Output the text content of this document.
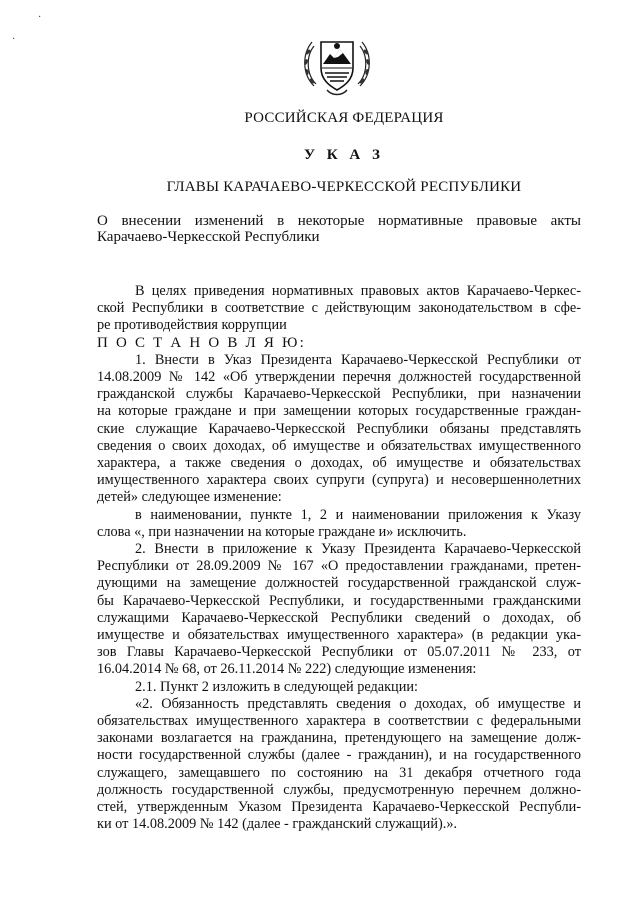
·
·
РОССИЙСКАЯ ФЕДЕРАЦИЯ
У К А З
ГЛАВЫ КАРАЧАЕВО-ЧЕРКЕССКОЙ РЕСПУБЛИКИ
О внесении изменений в некоторые нормативные правовые акты
Карачаево-Черкесской Республики
В целях приведения нормативных правовых актов Карачаево-Черкес-
ской Республики в соответствие с действующим законодательством в сфе-
ре противодействия коррупции
П О С Т А Н О В Л Я Ю:
1. Внести в Указ Президента Карачаево-Черкесской Республики от
14.08.2009 № 142 «Об утверждении перечня должностей государственной
гражданской службы Карачаево-Черкесской Республики, при назначении
на которые граждане и при замещении которых государственные граждан-
ские служащие Карачаево-Черкесской Республики обязаны представлять
сведения о своих доходах, об имуществе и обязательствах имущественного
характера, а также сведения о доходах, об имуществе и обязательствах
имущественного характера своих супруги (супруга) и несовершеннолетних
детей» следующее изменение:
в наименовании, пункте 1, 2 и наименовании приложения к Указу
слова «, при назначении на которые граждане и» исключить.
2. Внести в приложение к Указу Президента Карачаево-Черкесской
Республики от 28.09.2009 № 167 «О предоставлении гражданами, претен-
дующими на замещение должностей государственной гражданской служ-
бы Карачаево-Черкесской Республики, и государственными гражданскими
служащими Карачаево-Черкесской Республики сведений о доходах, об
имуществе и обязательствах имущественного характера» (в редакции ука-
зов Главы Карачаево-Черкесской Республики от 05.07.2011 № 233, от
16.04.2014 № 68, от 26.11.2014 № 222) следующие изменения:
2.1. Пункт 2 изложить в следующей редакции:
«2. Обязанность представлять сведения о доходах, об имуществе и
обязательствах имущественного характера в соответствии с федеральными
законами возлагается на гражданина, претендующего на замещение долж-
ности государственной службы (далее - гражданин), и на государственного
служащего, замещавшего по состоянию на 31 декабря отчетного года
должность государственной службы, предусмотренную перечнем должно-
стей, утвержденным Указом Президента Карачаево-Черкесской Республи-
ки от 14.08.2009 № 142 (далее - гражданский служащий).».
